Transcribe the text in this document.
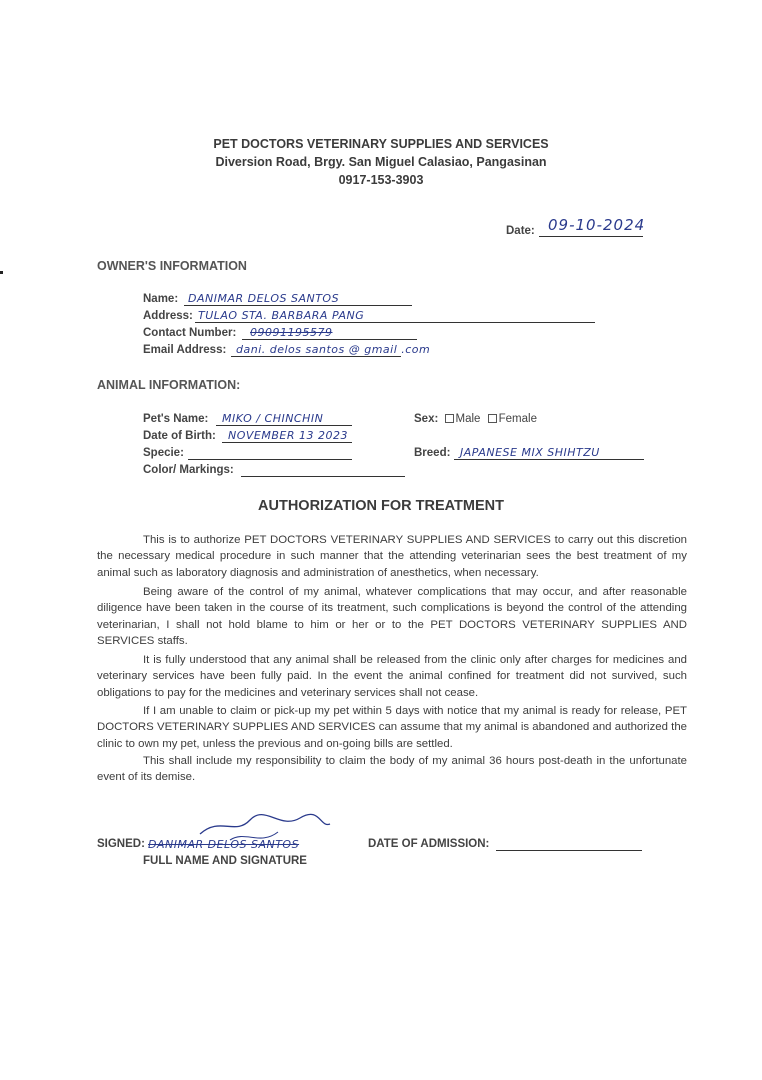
PET DOCTORS VETERINARY SUPPLIES AND SERVICES
Diversion Road, Brgy. San Miguel Calasiao, Pangasinan
0917-153-3903
Date: 09-10-2024
OWNER'S INFORMATION
Name: DANIMAR DELOS SANTOS
Address: TULAO STA. BARBARA PANG
Contact Number: 09091195579
Email Address: dani. delos santos @ gmail .com
ANIMAL INFORMATION:
Pet's Name: MIKO / CHINCHIN
Date of Birth: NOVEMBER 13 2023
Specie:
Color/ Markings:
Sex: Male Female
Breed: JAPANESE MIX SHIHTZU
AUTHORIZATION FOR TREATMENT
This is to authorize PET DOCTORS VETERINARY SUPPLIES AND SERVICES to carry out this discretion the necessary medical procedure in such manner that the attending veterinarian sees the best treatment of my animal such as laboratory diagnosis and administration of anesthetics, when necessary.
Being aware of the control of my animal, whatever complications that may occur, and after reasonable diligence have been taken in the course of its treatment, such complications is beyond the control of the attending veterinarian, I shall not hold blame to him or her or to the PET DOCTORS VETERINARY SUPPLIES AND SERVICES staffs.
It is fully understood that any animal shall be released from the clinic only after charges for medicines and veterinary services have been fully paid. In the event the animal confined for treatment did not survived, such obligations to pay for the medicines and veterinary services shall not cease.
If I am unable to claim or pick-up my pet within 5 days with notice that my animal is ready for release, PET DOCTORS VETERINARY SUPPLIES AND SERVICES can assume that my animal is abandoned and authorized the clinic to own my pet, unless the previous and on-going bills are settled.
This shall include my responsibility to claim the body of my animal 36 hours post-death in the unfortunate event of its demise.
SIGNED: DANIMAR DELOS SANTOS
FULL NAME AND SIGNATURE
DATE OF ADMISSION:
